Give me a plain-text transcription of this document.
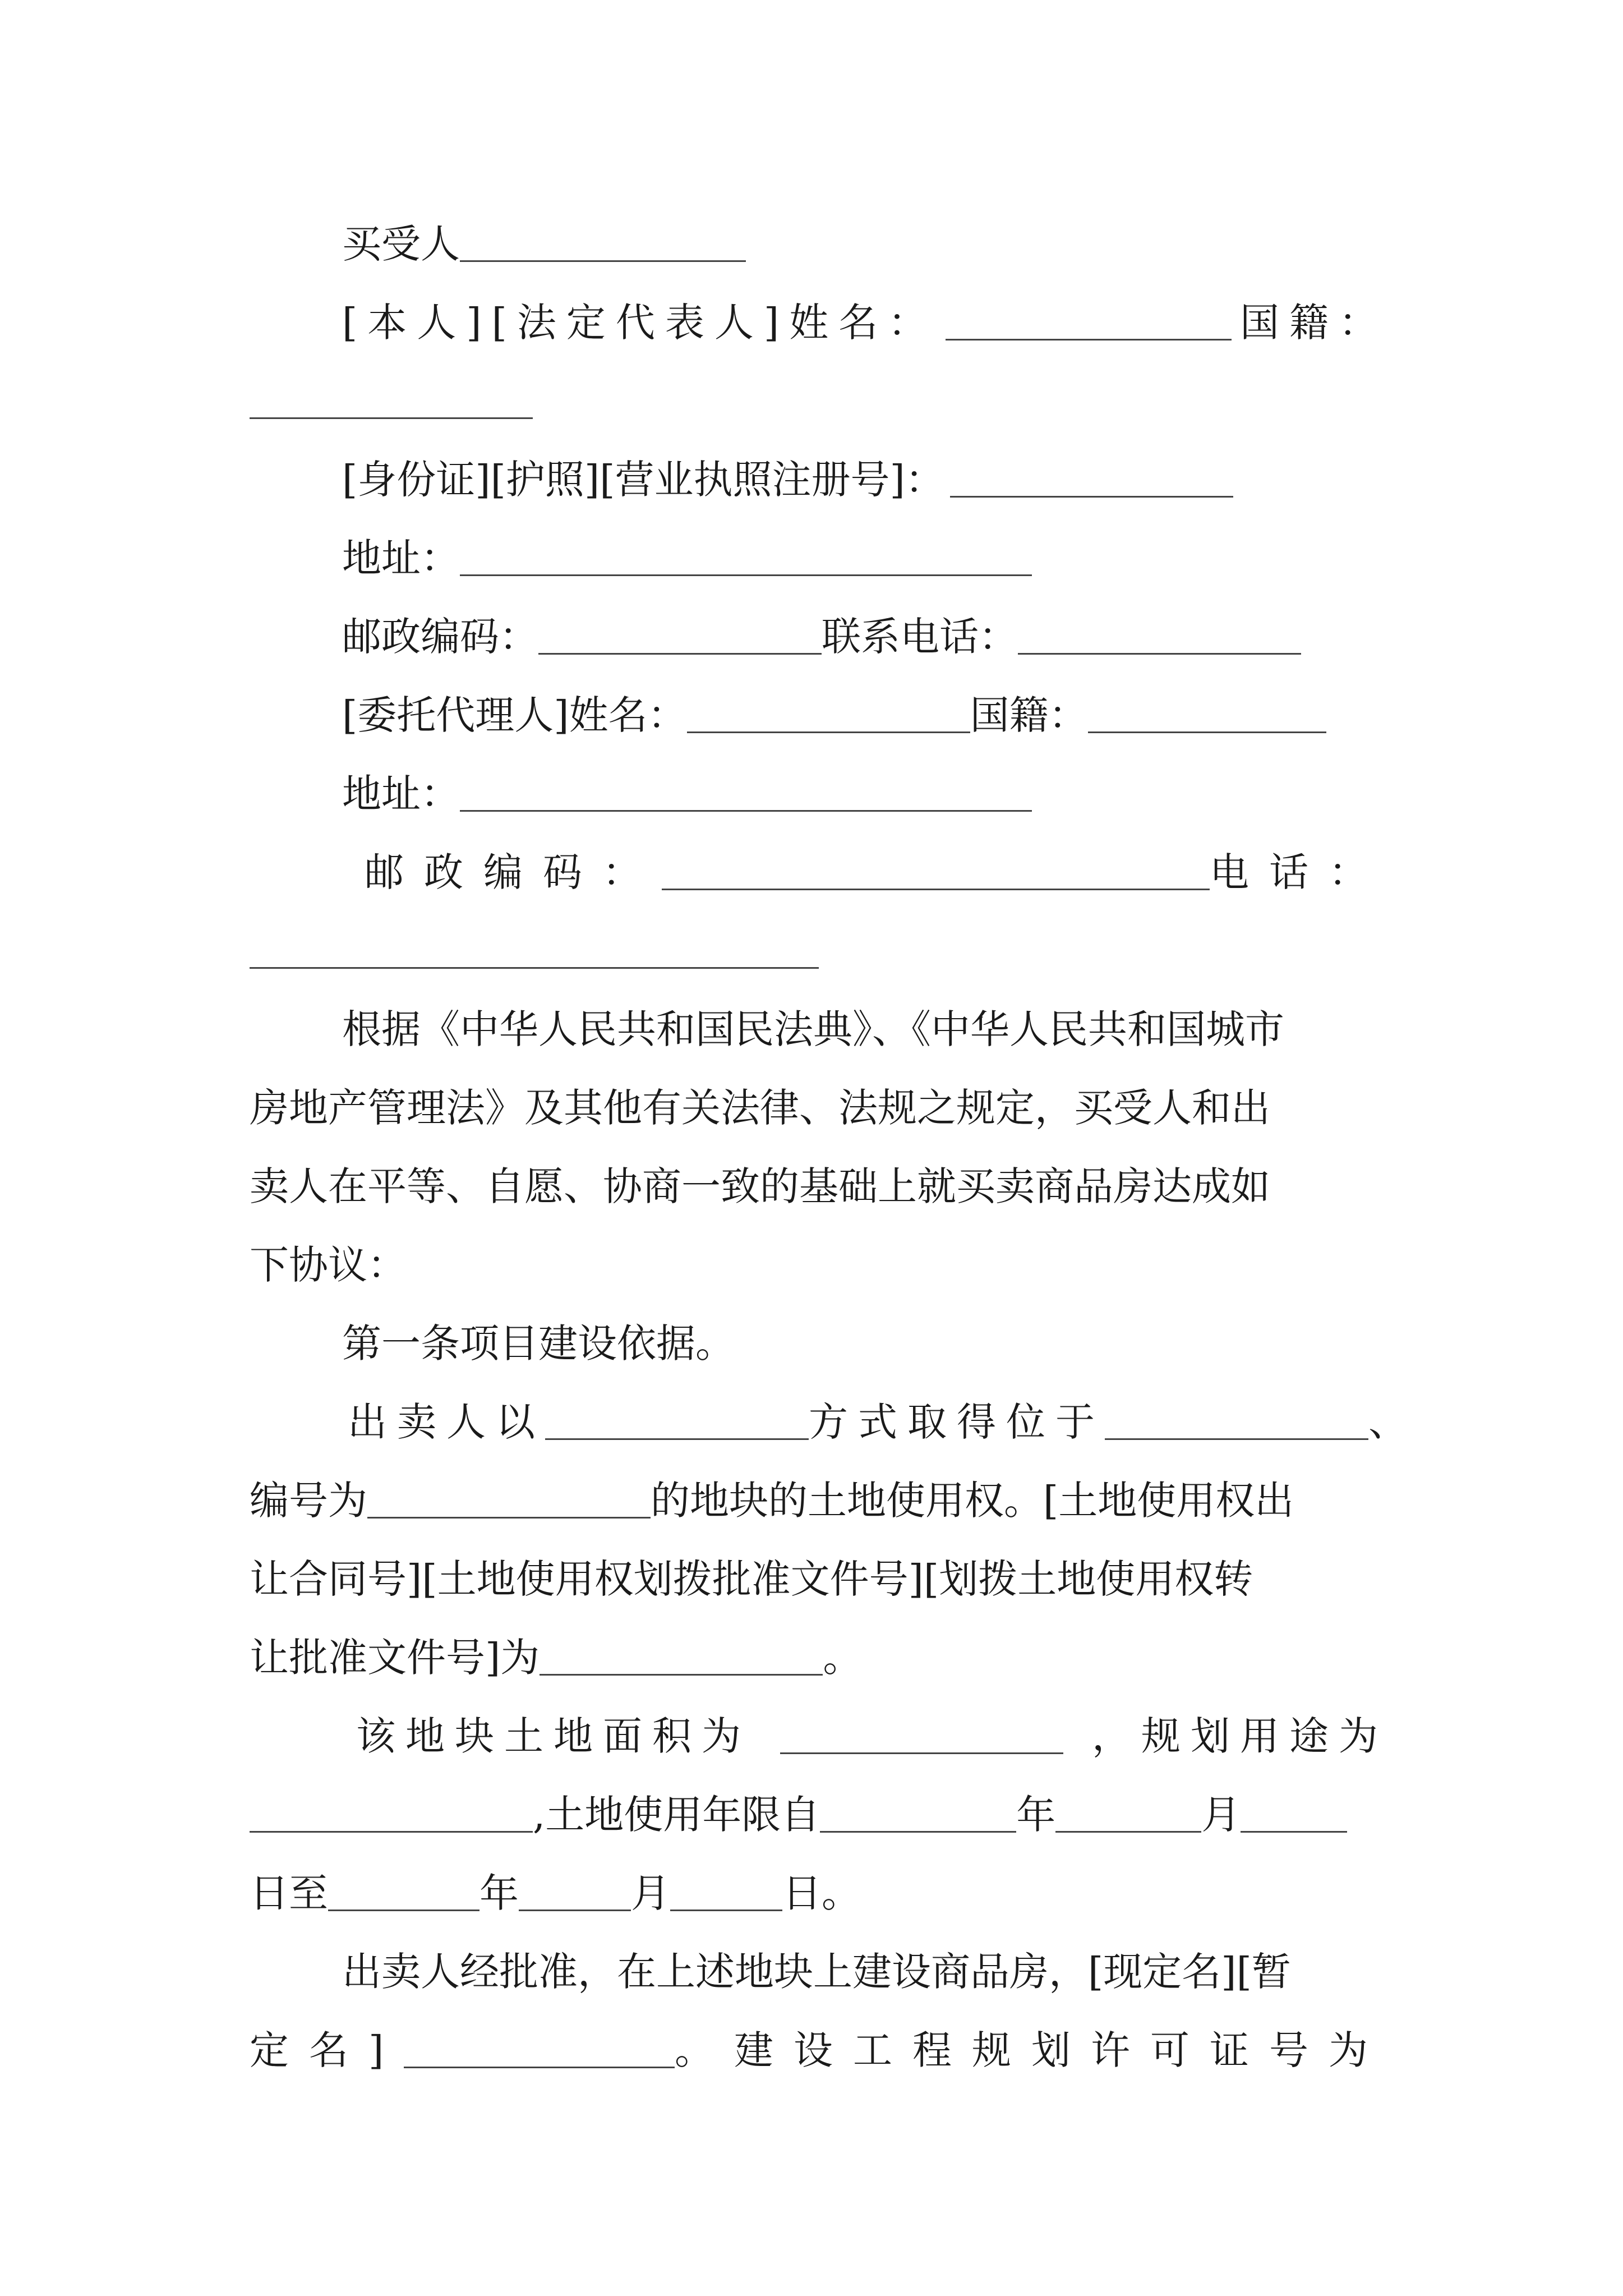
买受人
[本人][法定代表人]姓名：	国籍：
[身份证][护照][营业执照注册号]：
地址：
邮政编码：	联系电话：
[委托代理人]姓名：	国籍：
地址：
邮政编码：	电话：
根据《中华人民共和国民法典》、《中华人民共和国城市
房地产管理法》及其他有关法律、法规之规定，买受人和出
卖人在平等、自愿、协商一致的基础上就买卖商品房达成如
下协议：
第一条项目建设依据。
出卖人以	方式取得位于	、
编号为	的地块的土地使用权。[土地使用权出
让合同号][土地使用权划拨批准文件号][划拨土地使用权转
让批准文件号]为	。
该地块土地面积为	，规划用途为
,土地使用年限自	年	月
日至	年	月	日。
出卖人经批准，在上述地块上建设商品房，[现定名][暂
定名]	。建设工程规划许可证号为
